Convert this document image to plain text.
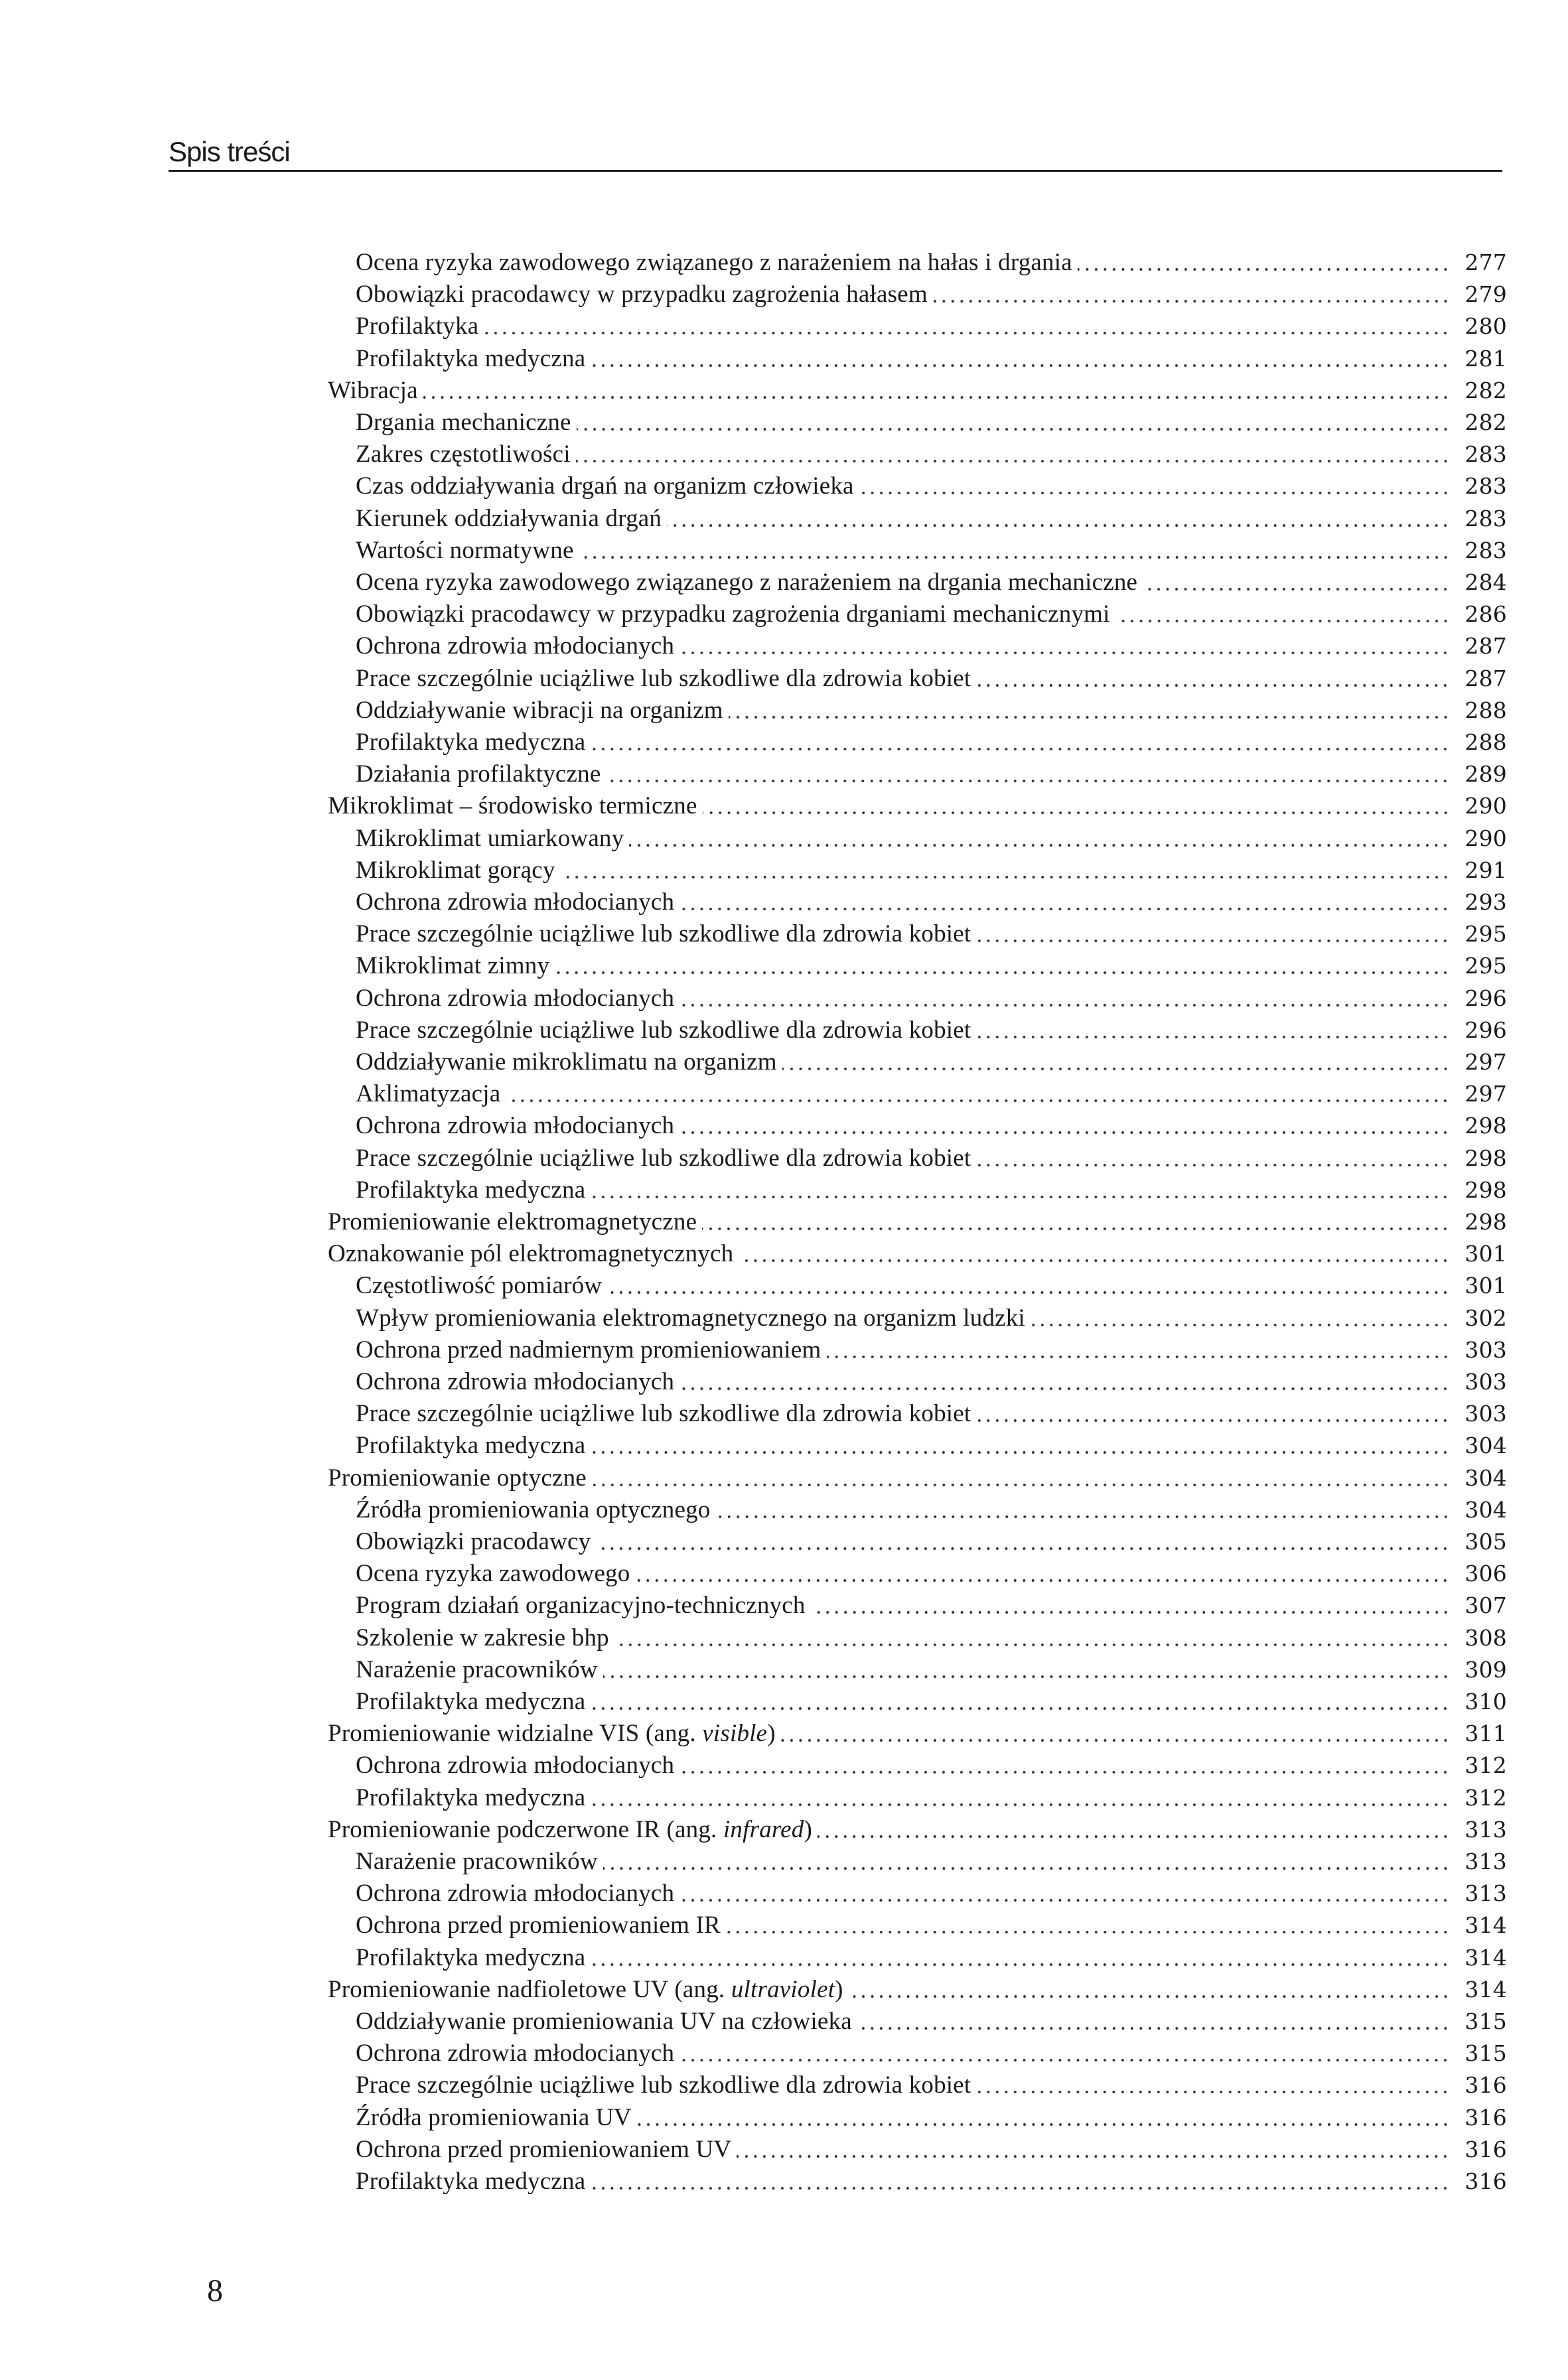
Spis treści
Ocena ryzyka zawodowego związanego z narażeniem na hałas i drgania	277
Obowiązki pracodawcy w przypadku zagrożenia hałasem	279
Profilaktyka	280
Profilaktyka medyczna	281
Wibracja	282
Drgania mechaniczne	282
Zakres częstotliwości	283
Czas oddziaływania drgań na organizm człowieka	283
Kierunek oddziaływania drgań	283
Wartości normatywne	283
Ocena ryzyka zawodowego związanego z narażeniem na drgania mechaniczne	284
Obowiązki pracodawcy w przypadku zagrożenia drganiami mechanicznymi	286
Ochrona zdrowia młodocianych	287
Prace szczególnie uciążliwe lub szkodliwe dla zdrowia kobiet	287
Oddziaływanie wibracji na organizm	288
Profilaktyka medyczna	288
Działania profilaktyczne	289
Mikroklimat – środowisko termiczne	290
Mikroklimat umiarkowany	290
Mikroklimat gorący	291
Ochrona zdrowia młodocianych	293
Prace szczególnie uciążliwe lub szkodliwe dla zdrowia kobiet	295
Mikroklimat zimny	295
Ochrona zdrowia młodocianych	296
Prace szczególnie uciążliwe lub szkodliwe dla zdrowia kobiet	296
Oddziaływanie mikroklimatu na organizm	297
Aklimatyzacja	297
Ochrona zdrowia młodocianych	298
Prace szczególnie uciążliwe lub szkodliwe dla zdrowia kobiet	298
Profilaktyka medyczna	298
Promieniowanie elektromagnetyczne	298
Oznakowanie pól elektromagnetycznych	301
Częstotliwość pomiarów	301
Wpływ promieniowania elektromagnetycznego na organizm ludzki	302
Ochrona przed nadmiernym promieniowaniem	303
Ochrona zdrowia młodocianych	303
Prace szczególnie uciążliwe lub szkodliwe dla zdrowia kobiet	303
Profilaktyka medyczna	304
Promieniowanie optyczne	304
Źródła promieniowania optycznego	304
Obowiązki pracodawcy	305
Ocena ryzyka zawodowego	306
Program działań organizacyjno-technicznych	307
Szkolenie w zakresie bhp	308
Narażenie pracowników	309
Profilaktyka medyczna	310
Promieniowanie widzialne VIS (ang. visible)	311
Ochrona zdrowia młodocianych	312
Profilaktyka medyczna	312
Promieniowanie podczerwone IR (ang. infrared)	313
Narażenie pracowników	313
Ochrona zdrowia młodocianych	313
Ochrona przed promieniowaniem IR	314
Profilaktyka medyczna	314
Promieniowanie nadfioletowe UV (ang. ultraviolet)	314
Oddziaływanie promieniowania UV na człowieka	315
Ochrona zdrowia młodocianych	315
Prace szczególnie uciążliwe lub szkodliwe dla zdrowia kobiet	316
Źródła promieniowania UV	316
Ochrona przed promieniowaniem UV	316
Profilaktyka medyczna	316
8
